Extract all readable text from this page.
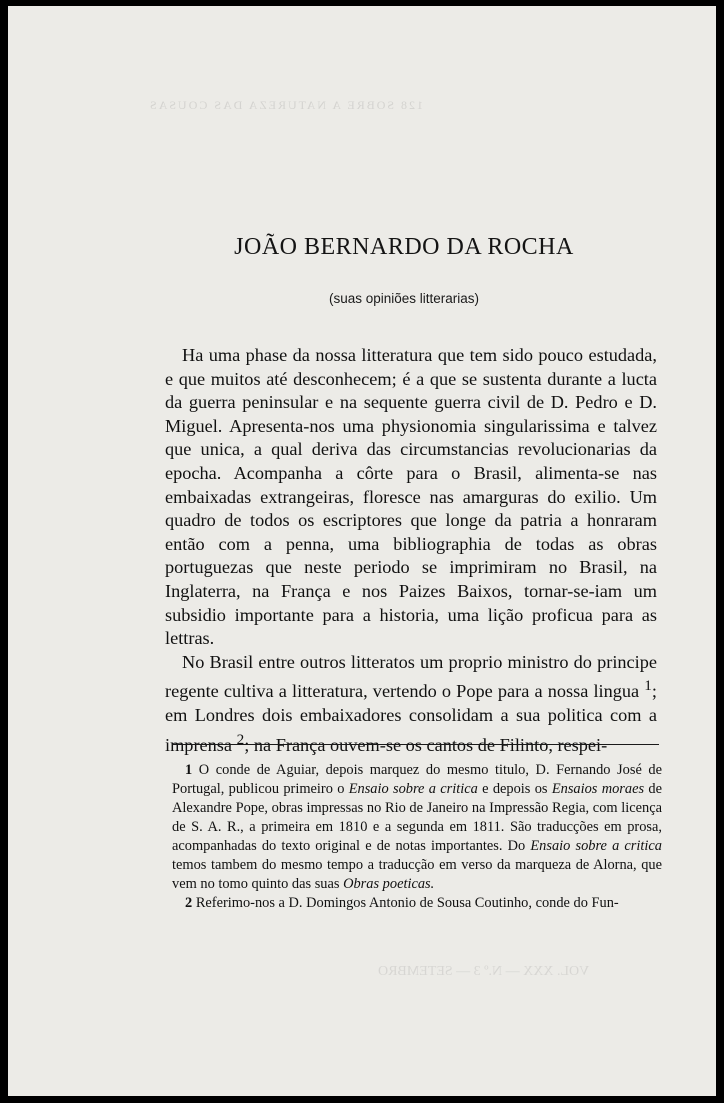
128 SOBRE A NATUREZA DAS COUSAS
JOÃO BERNARDO DA ROCHA
(suas opiniões litterarias)

Ha uma phase da nossa litteratura que tem sido pouco estudada, e que muitos até desconhecem; é a que se sustenta durante a lucta da guerra peninsular e na sequente guerra civil de D. Pedro e D. Miguel. Apresenta-nos uma physionomia singularissima e talvez que unica, a qual deriva das circumstancias revolucionarias da epocha. Acompanha a côrte para o Brasil, alimenta-se nas embaixadas extrangeiras, floresce nas amarguras do exilio. Um quadro de todos os escriptores que longe da patria a honraram então com a penna, uma bibliographia de todas as obras portuguezas que neste periodo se imprimiram no Brasil, na Inglaterra, na França e nos Paizes Baixos, tornar-se-iam um subsidio importante para a historia, uma lição proficua para as lettras.

No Brasil entre outros litteratos um proprio ministro do principe regente cultiva a litteratura, vertendo o Pope para a nossa lingua $^1$; em Londres dois embaixadores consolidam a sua politica com a imprensa $^2$; na França ouvem-se os cantos de Filinto, respei-

1 O conde de Aguiar, depois marquez do mesmo titulo, D. Fernando José de Portugal, publicou primeiro o Ensaio sobre a critica e depois os Ensaios moraes de Alexandre Pope, obras impressas no Rio de Janeiro na Impressão Regia, com licença de S. A. R., a primeira em 1810 e a segunda em 1811. São traducções em prosa, acompanhadas do texto original e de notas importantes. Do Ensaio sobre a critica temos tambem do mesmo tempo a traducção em verso da marqueza de Alorna, que vem no tomo quinto das suas Obras poeticas.

2 Referimo-nos a D. Domingos Antonio de Sousa Coutinho, conde do Fun-

VOL. XXX — N.º 3 — SETEMBRO
